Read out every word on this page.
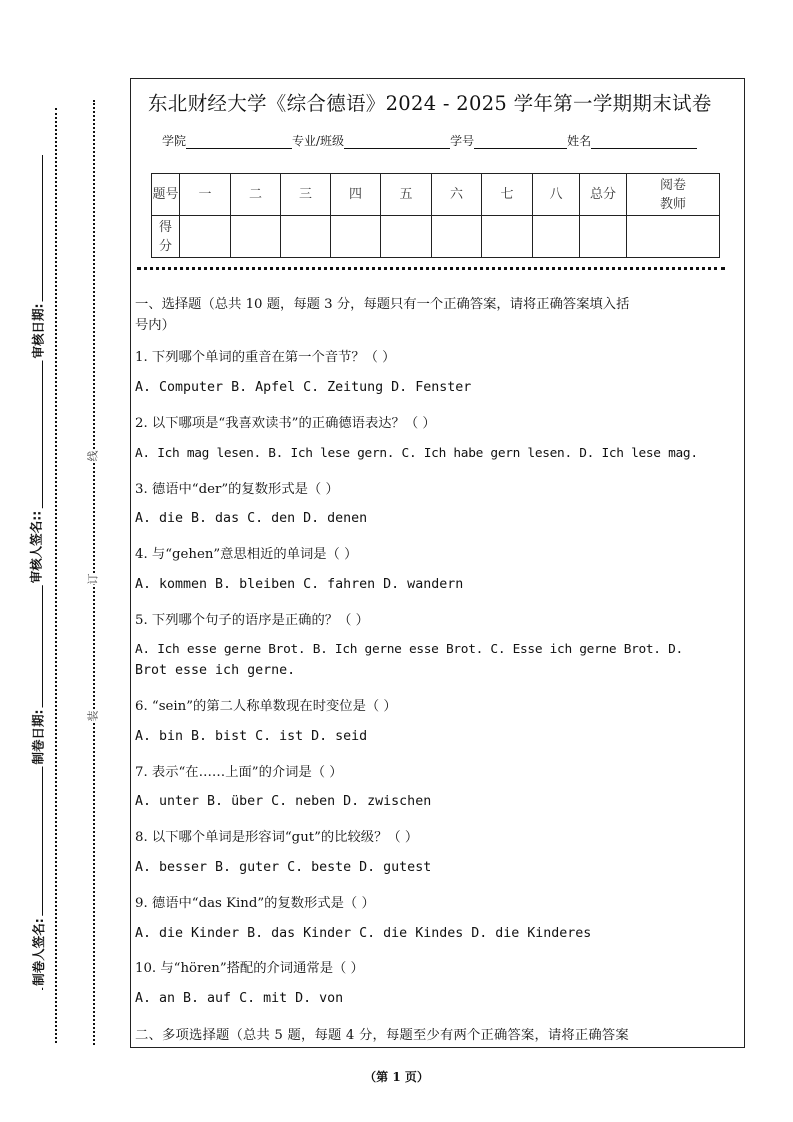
审核日期:
审核人签名::
制卷日期:
制卷人签名:
线
订
装
东北财经大学《综合德语》2024 - 2025 学年第一学期期末试卷
学院	专业/班级	学号	姓名
题号	一	二	三	四	五	六	七	八	总分	阅卷教师
得分										
一、选择题（总共 10 题，每题 3 分，每题只有一个正确答案，请将正确答案填入括
号内）
1. 下列哪个单词的重音在第一个音节？（ ）
A. Computer B. Apfel C. Zeitung D. Fenster
2. 以下哪项是“我喜欢读书”的正确德语表达？（ ）
A. Ich mag lesen. B. Ich lese gern. C. Ich habe gern lesen. D. Ich lese mag.
3. 德语中“der”的复数形式是（ ）
A. die B. das C. den D. denen
4. 与“gehen”意思相近的单词是（ ）
A. kommen B. bleiben C. fahren D. wandern
5. 下列哪个句子的语序是正确的？（ ）
A. Ich esse gerne Brot. B. Ich gerne esse Brot. C. Esse ich gerne Brot. D.
Brot esse ich gerne.
6. “sein”的第二人称单数现在时变位是（ ）
A. bin B. bist C. ist D. seid
7. 表示“在……上面”的介词是（ ）
A. unter B. über C. neben D. zwischen
8. 以下哪个单词是形容词“gut”的比较级？（ ）
A. besser B. guter C. beste D. gutest
9. 德语中“das Kind”的复数形式是（ ）
A. die Kinder B. das Kinder C. die Kindes D. die Kinderes
10. 与“hören”搭配的介词通常是（ ）
A. an B. auf C. mit D. von
二、多项选择题（总共 5 题，每题 4 分，每题至少有两个正确答案，请将正确答案
（第 1 页）
